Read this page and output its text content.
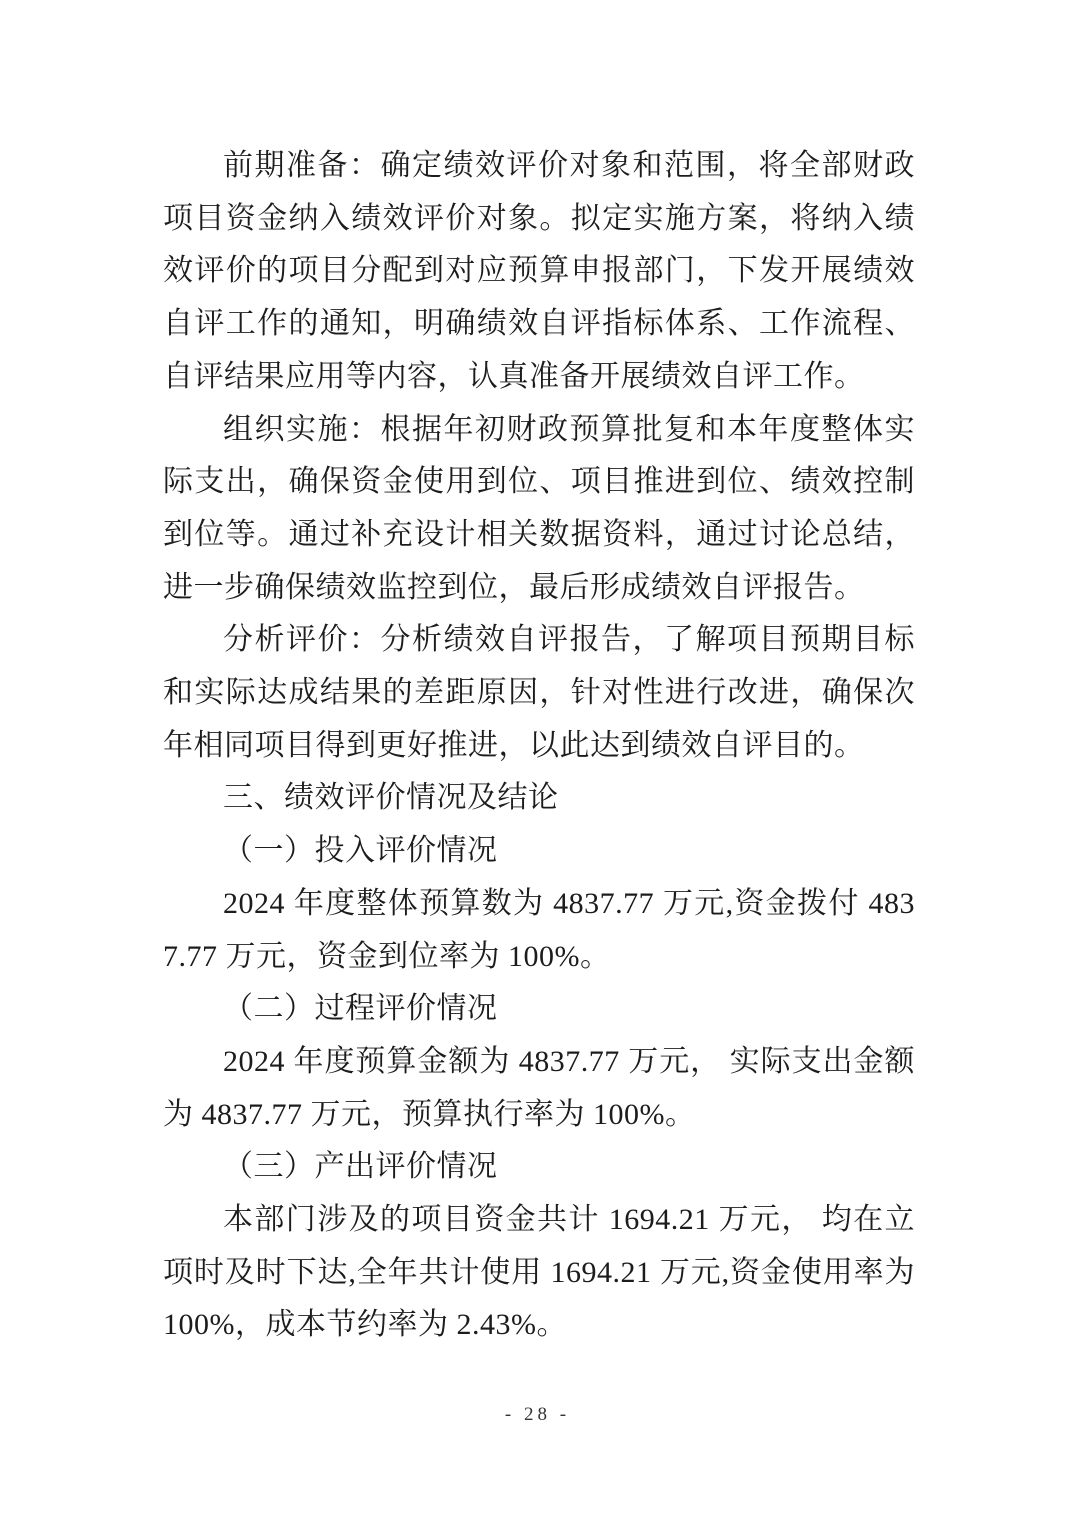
前期准备：确定绩效评价对象和范围，将全部财政项目资金纳入绩效评价对象。拟定实施方案，将纳入绩效评价的项目分配到对应预算申报部门，下发开展绩效自评工作的通知，明确绩效自评指标体系、工作流程、自评结果应用等内容，认真准备开展绩效自评工作。

组织实施：根据年初财政预算批复和本年度整体实际支出，确保资金使用到位、项目推进到位、绩效控制到位等。通过补充设计相关数据资料，通过讨论总结，进一步确保绩效监控到位，最后形成绩效自评报告。

分析评价：分析绩效自评报告，了解项目预期目标和实际达成结果的差距原因，针对性进行改进，确保次年相同项目得到更好推进，以此达到绩效自评目的。

三、绩效评价情况及结论

（一）投入评价情况

2024 年度整体预算数为 4837.77 万元,资金拨付 4837.77 万元，资金到位率为 100%。

（二）过程评价情况

2024 年度预算金额为 4837.77 万元， 实际支出金额为 4837.77 万元，预算执行率为 100%。

（三）产出评价情况

本部门涉及的项目资金共计 1694.21 万元， 均在立项时及时下达,全年共计使用 1694.21 万元,资金使用率为 100%，成本节约率为 2.43%。

- 28 -
